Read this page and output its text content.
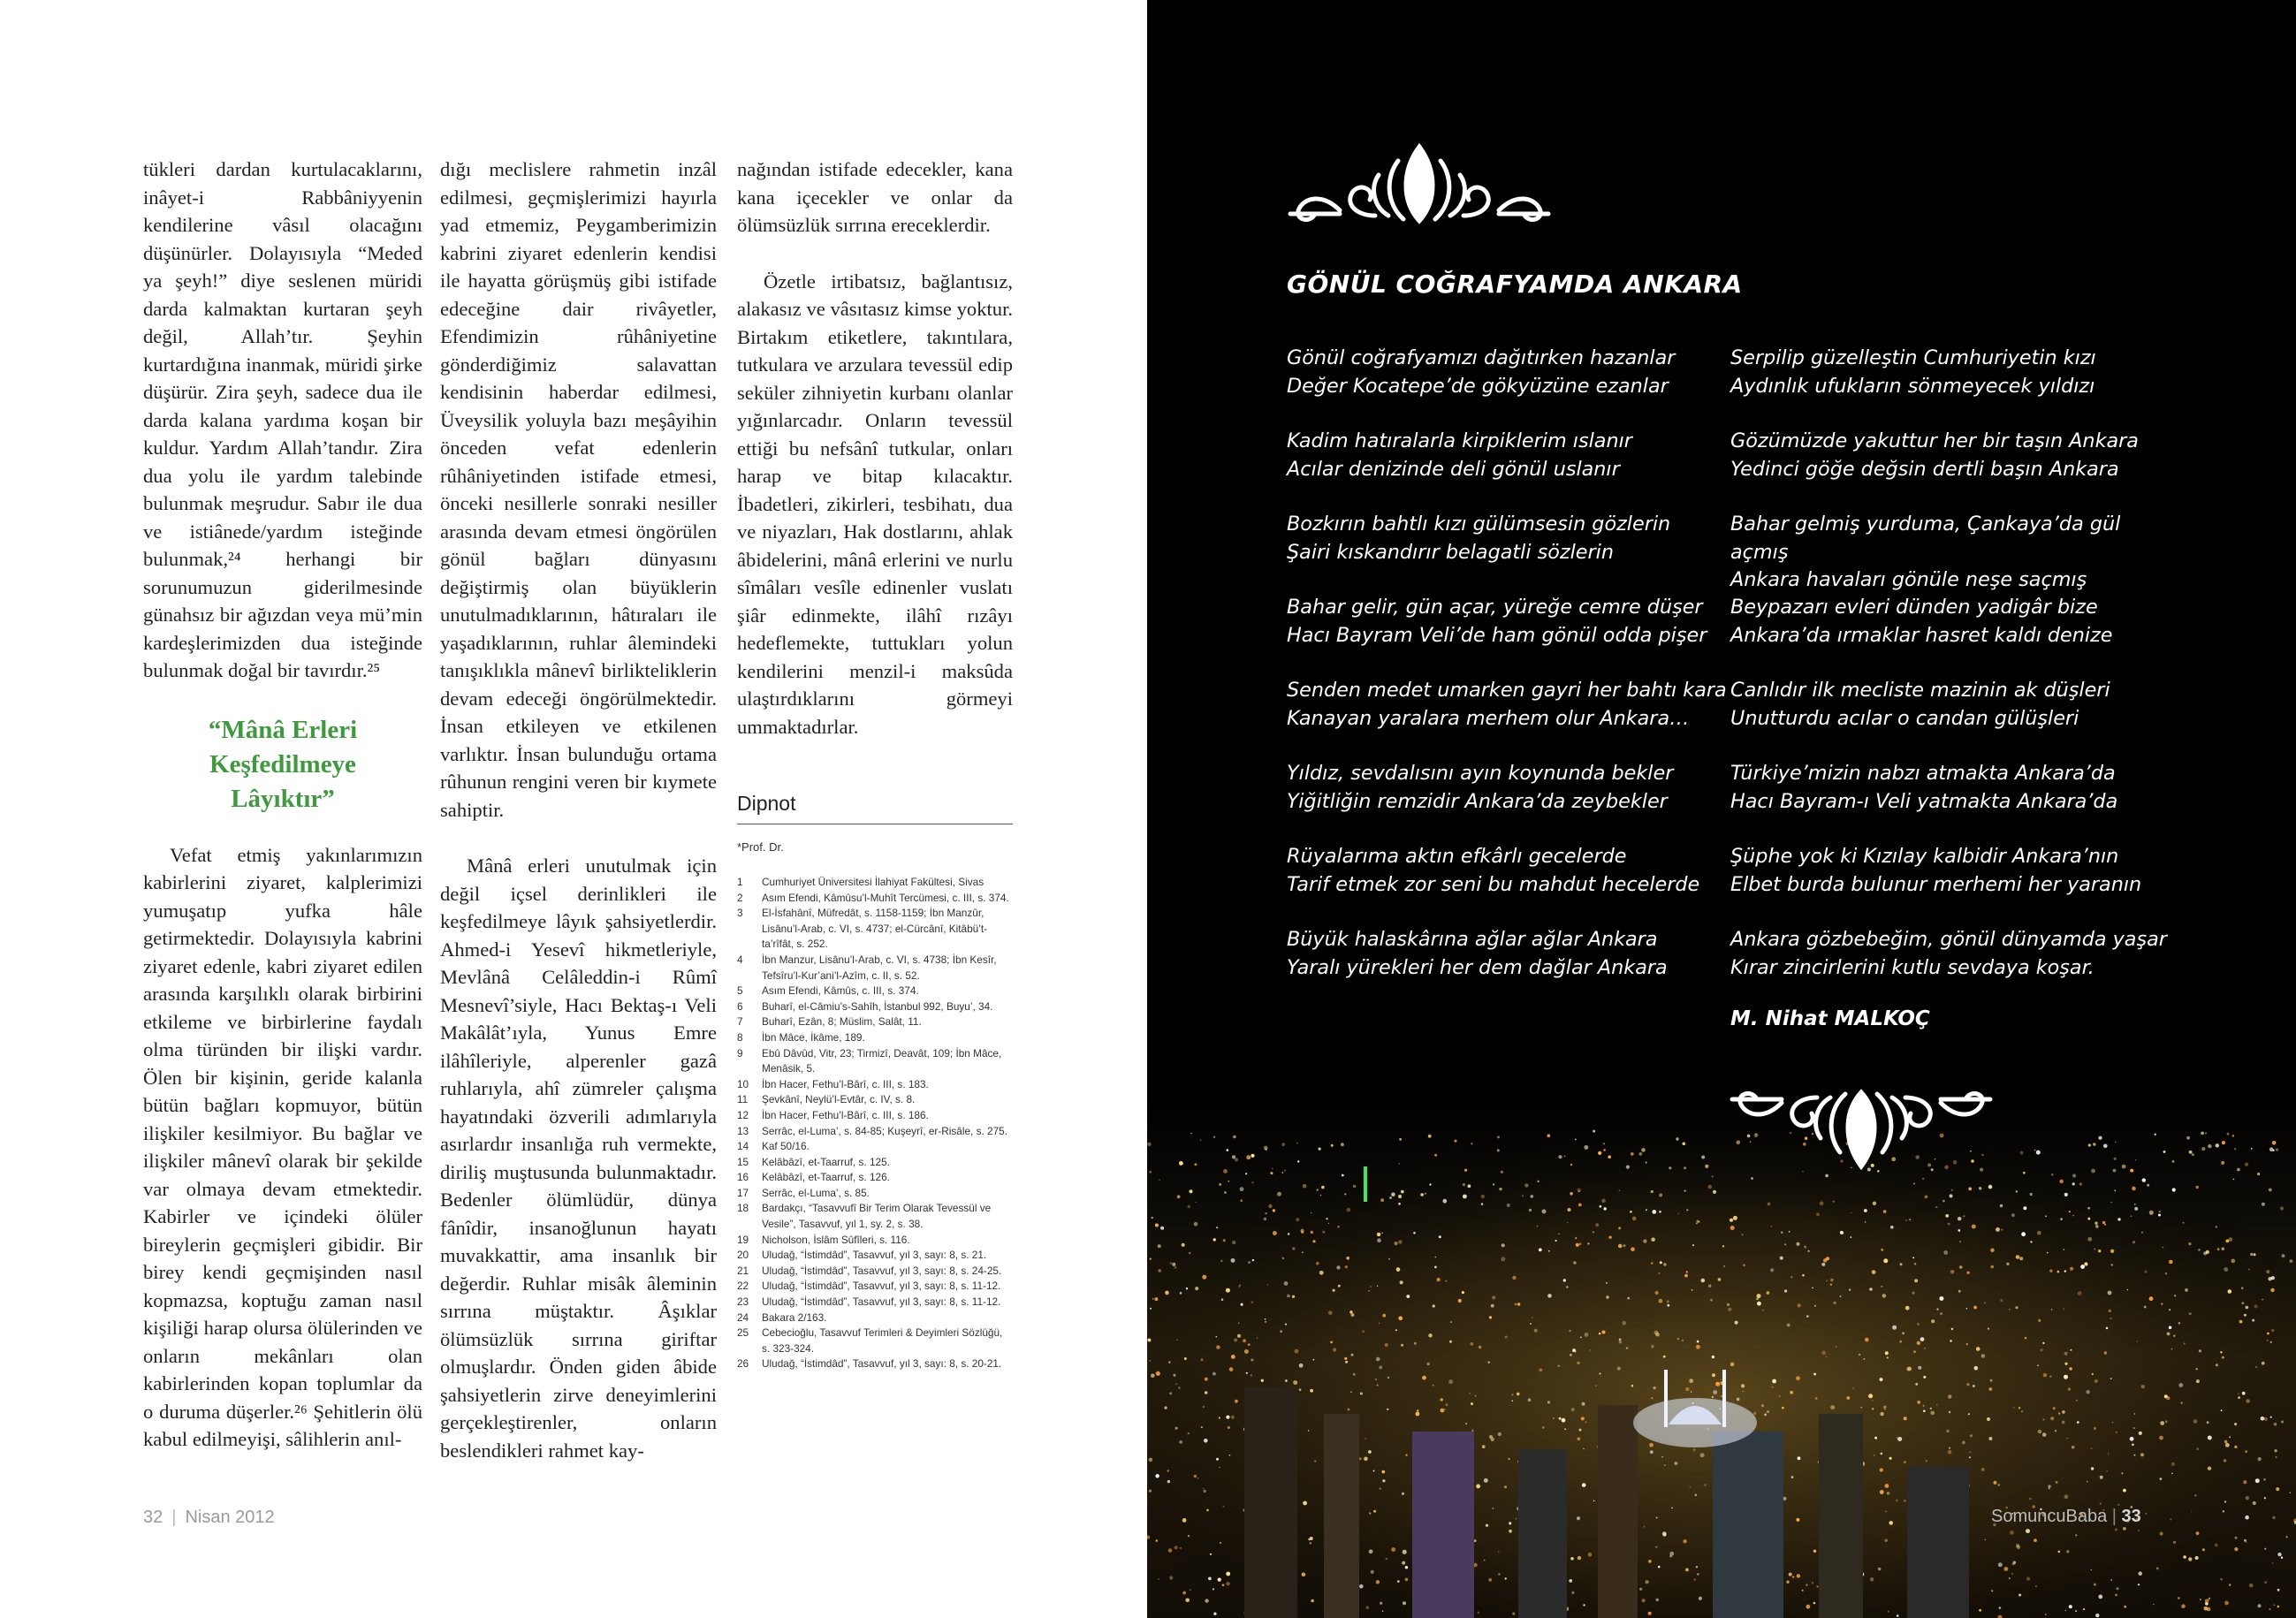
tükleri dardan kurtulacaklarını, inâyet-i Rabbâniyyenin kendilerine vâsıl olacağını düşünürler. Dolayısıyla “Meded ya şeyh!” diye seslenen müridi darda kalmaktan kurtaran şeyh değil, Allah’tır. Şeyhin kurtardığına inanmak, müridi şirke düşürür. Zira şeyh, sadece dua ile darda kalana yardıma koşan bir kuldur. Yardım Allah’tandır. Zira dua yolu ile yardım talebinde bulunmak meşrudur. Sabır ile dua ve istiânede/yardım isteğinde bulunmak,²⁴ herhangi bir sorunumuzun giderilmesinde günahsız bir ağızdan veya mü’min kardeşlerimizden dua isteğinde bulunmak doğal bir tavırdır.²⁵

“Mânâ Erleri
Keşfedilmeye
Lâyıktır”

Vefat etmiş yakınlarımızın kabirlerini ziyaret, kalplerimizi yumuşatıp yufka hâle getirmektedir. Dolayısıyla kabrini ziyaret edenle, kabri ziyaret edilen arasında karşılıklı olarak birbirini etkileme ve birbirlerine faydalı olma türünden bir ilişki vardır. Ölen bir kişinin, geride kalanla bütün bağları kopmuyor, bütün ilişkiler kesilmiyor. Bu bağlar ve ilişkiler mânevî olarak bir şekilde var olmaya devam etmektedir. Kabirler ve içindeki ölüler bireylerin geçmişleri gibidir. Bir birey kendi geçmişinden nasıl kopmazsa, koptuğu zaman nasıl kişiliği harap olursa ölülerinden ve onların mekânları olan kabirlerinden kopan toplumlar da o duruma düşerler.²⁶ Şehitlerin ölü kabul edilmeyişi, sâlihlerin anıl-

dığı meclislere rahmetin inzâl edilmesi, geçmişlerimizi hayırla yad etmemiz, Peygamberimizin kabrini ziyaret edenlerin kendisi ile hayatta görüşmüş gibi istifade edeceğine dair rivâyetler, Efendimizin rûhâniyetine gönderdiğimiz salavattan kendisinin haberdar edilmesi, Üveysilik yoluyla bazı meşâyihin önceden vefat edenlerin rûhâniyetinden istifade etmesi, önceki nesillerle sonraki nesiller arasında devam etmesi öngörülen gönül bağları dünyasını değiştirmiş olan büyüklerin unutulmadıklarının, hâtıraları ile yaşadıklarının, ruhlar âlemindeki tanışıklıkla mânevî birlikteliklerin devam edeceği öngörülmektedir. İnsan etkileyen ve etkilenen varlıktır. İnsan bulunduğu ortama rûhunun rengini veren bir kıymete sahiptir.

Mânâ erleri unutulmak için değil içsel derinlikleri ile keşfedilmeye lâyık şahsiyetlerdir. Ahmed-i Yesevî hikmetleriyle, Mevlânâ Celâleddin-i Rûmî Mesnevî’siyle, Hacı Bektaş-ı Veli Makâlât’ıyla, Yunus Emre ilâhîleriyle, alperenler gazâ ruhlarıyla, ahî zümreler çalışma hayatındaki özverili adımlarıyla asırlardır insanlığa ruh vermekte, diriliş muştusunda bulunmaktadır. Bedenler ölümlüdür, dünya fânîdir, insanoğlunun hayatı muvakkattir, ama insanlık bir değerdir. Ruhlar misâk âleminin sırrına müştaktır. Âşıklar ölümsüzlük sırrına giriftar olmuşlardır. Önden giden âbide şahsiyetlerin zirve deneyimlerini gerçekleştirenler, onların beslendikleri rahmet kay-

nağından istifade edecekler, kana kana içecekler ve onlar da ölümsüzlük sırrına ereceklerdir.

Özetle irtibatsız, bağlantısız, alakasız ve vâsıtasız kimse yoktur. Birtakım etiketlere, takıntılara, tutkulara ve arzulara tevessül edip seküler zihniyetin kurbanı olanlar yığınlarcadır. Onların tevessül ettiği bu nefsânî tutkular, onları harap ve bitap kılacaktır. İbadetleri, zikirleri, tesbihatı, dua ve niyazları, Hak dostlarını, ahlak âbidelerini, mânâ erlerini ve nurlu sîmâları vesîle edinenler vuslatı şiâr edinmekte, ilâhî rızâyı hedeflemekte, tuttukları yolun kendilerini menzil-i maksûda ulaştırdıklarını görmeyi ummaktadırlar.

Dipnot
*Prof. Dr.
1	Cumhuriyet Üniversitesi İlahiyat Fakültesi, Sivas
2	Asım Efendi, Kâmûsu’l-Muhît Tercümesi, c. III, s. 374.
3	El-İsfahânî, Müfredât, s. 1158-1159; İbn Manzûr, Lisânu’l-Arab, c. VI, s. 4737; el-Cürcânî, Kitâbü’t-ta’rîfât, s. 252.
4	İbn Manzur, Lisânu’l-Arab, c. VI, s. 4738; İbn Kesîr, Tefsîru’l-Kur’ani’l-Azîm, c. II, s. 52.
5	Asım Efendi, Kâmûs, c. III, s. 374.
6	Buharî, el-Câmiu’s-Sahîh, İstanbul 992, Buyu’, 34.
7	Buharî, Ezân, 8; Müslim, Salât, 11.
8	İbn Mâce, İkâme, 189.
9	Ebû Dâvûd, Vitr, 23; Tirmizî, Deavât, 109; İbn Mâce, Menâsik, 5.
10	İbn Hacer, Fethu’l-Bârî, c. III, s. 183.
11	Şevkânî, Neylü’l-Evtâr, c. IV, s. 8.
12	İbn Hacer, Fethu’l-Bârî, c. III, s. 186.
13	Serrâc, el-Luma’, s. 84-85; Kuşeyrî, er-Risâle, s. 275.
14	Kaf 50/16.
15	Kelâbâzî, et-Taarruf, s. 125.
16	Kelâbâzî, et-Taarruf, s. 126.
17	Serrâc, el-Luma’, s. 85.
18	Bardakçı, “Tasavvufî Bir Terim Olarak Tevessül ve Vesile”, Tasavvuf, yıl 1, sy. 2, s. 38.
19	Nicholson, İslâm Sûfîleri, s. 116.
20	Uludağ, “İstimdâd”, Tasavvuf, yıl 3, sayı: 8, s. 21.
21	Uludağ, “İstimdâd”, Tasavvuf, yıl 3, sayı: 8, s. 24-25.
22	Uludağ, “İstimdâd”, Tasavvuf, yıl 3, sayı: 8, s. 11-12.
23	Uludağ, “İstimdâd”, Tasavvuf, yıl 3, sayı: 8, s. 11-12.
24	Bakara 2/163.
25	Cebecioğlu, Tasavvuf Terimleri & Deyimleri Sözlüğü, s. 323-324.
26	Uludağ, “İstimdâd”, Tasavvuf, yıl 3, sayı: 8, s. 20-21.
32 | Nisan 2012
GÖNÜL COĞRAFYAMDA ANKARA
Gönül coğrafyamızı dağıtırken hazanlar
Değer Kocatepe’de gökyüzüne ezanlar
Kadim hatıralarla kirpiklerim ıslanır
Acılar denizinde deli gönül uslanır
Bozkırın bahtlı kızı gülümsesin gözlerin
Şairi kıskandırır belagatli sözlerin
Bahar gelir, gün açar, yüreğe cemre düşer
Hacı Bayram Veli’de ham gönül odda pişer
Senden medet umarken gayri her bahtı kara
Kanayan yaralara merhem olur Ankara…
Yıldız, sevdalısını ayın koynunda bekler
Yiğitliğin remzidir Ankara’da zeybekler
Rüyalarıma aktın efkârlı gecelerde
Tarif etmek zor seni bu mahdut hecelerde
Büyük halaskârına ağlar ağlar Ankara
Yaralı yürekleri her dem dağlar Ankara
Serpilip güzelleştin Cumhuriyetin kızı
Aydınlık ufukların sönmeyecek yıldızı
Gözümüzde yakuttur her bir taşın Ankara
Yedinci göğe değsin dertli başın Ankara
Bahar gelmiş yurduma, Çankaya’da gül açmış
Ankara havaları gönüle neşe saçmış
Beypazarı evleri dünden yadigâr bize
Ankara’da ırmaklar hasret kaldı denize
Canlıdır ilk mecliste mazinin ak düşleri
Unutturdu acılar o candan gülüşleri
Türkiye’mizin nabzı atmakta Ankara’da
Hacı Bayram-ı Veli yatmakta Ankara’da
Şüphe yok ki Kızılay kalbidir Ankara’nın
Elbet burda bulunur merhemi her yaranın
Ankara gözbebeğim, gönül dünyamda yaşar
Kırar zincirlerini kutlu sevdaya koşar.
M. Nihat MALKOÇ
SomuncuBaba | 33
